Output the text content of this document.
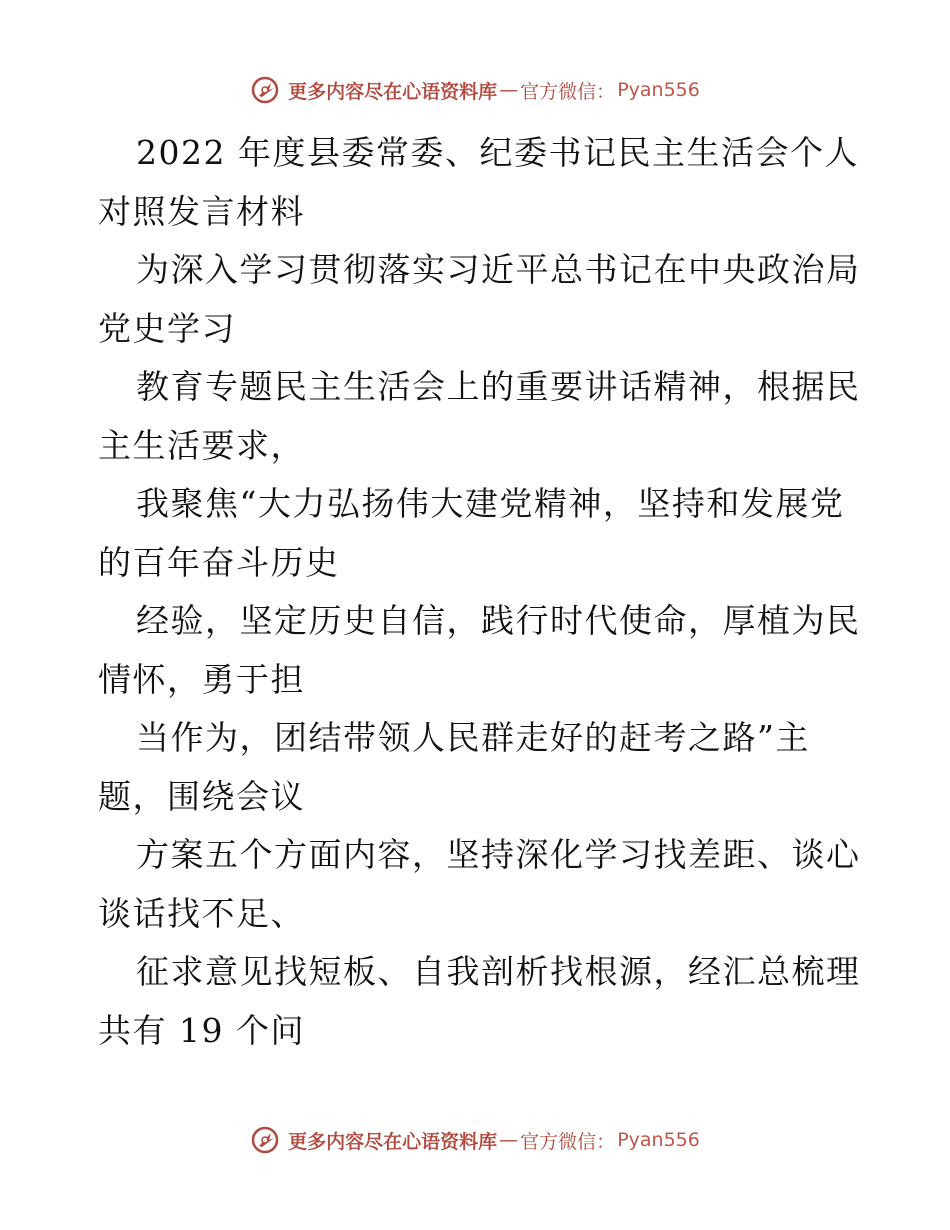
更多内容尽在心语资料库 — 官方微信： Pyan556
2022 年度县委常委、纪委书记民主生活会个人
对照发言材料
为深入学习贯彻落实习近平总书记在中央政治局
党史学习
教育专题民主生活会上的重要讲话精神，根据民
主生活要求，
我聚焦“大力弘扬伟大建党精神，坚持和发展党
的百年奋斗历史
经验，坚定历史自信，践行时代使命，厚植为民
情怀，勇于担
当作为，团结带领人民群走好的赶考之路”主
题，围绕会议
方案五个方面内容，坚持深化学习找差距、谈心
谈话找不足、
征求意见找短板、自我剖析找根源，经汇总梳理
共有 19 个问
更多内容尽在心语资料库 — 官方微信： Pyan556
